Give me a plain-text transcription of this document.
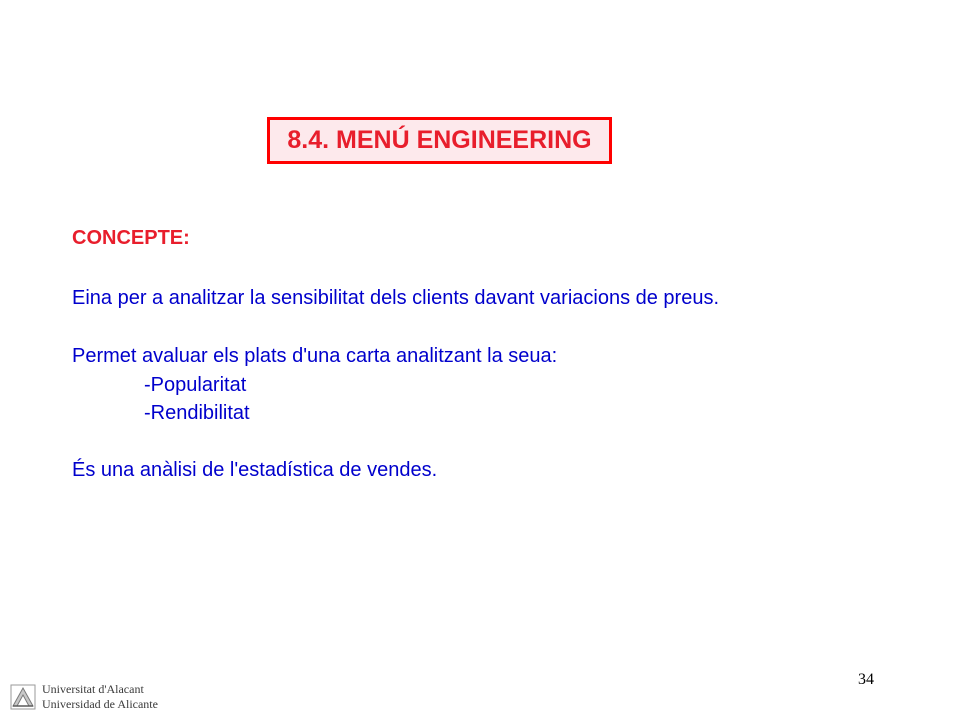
8.4. MENÚ ENGINEERING
CONCEPTE:
Eina per a analitzar la sensibilitat dels clients davant variacions de preus.
Permet avaluar els plats d'una carta analitzant la seua:
-Popularitat
-Rendibilitat
És una anàlisi de l'estadística de vendes.
34
Universitat d'Alacant
Universidad de Alicante
